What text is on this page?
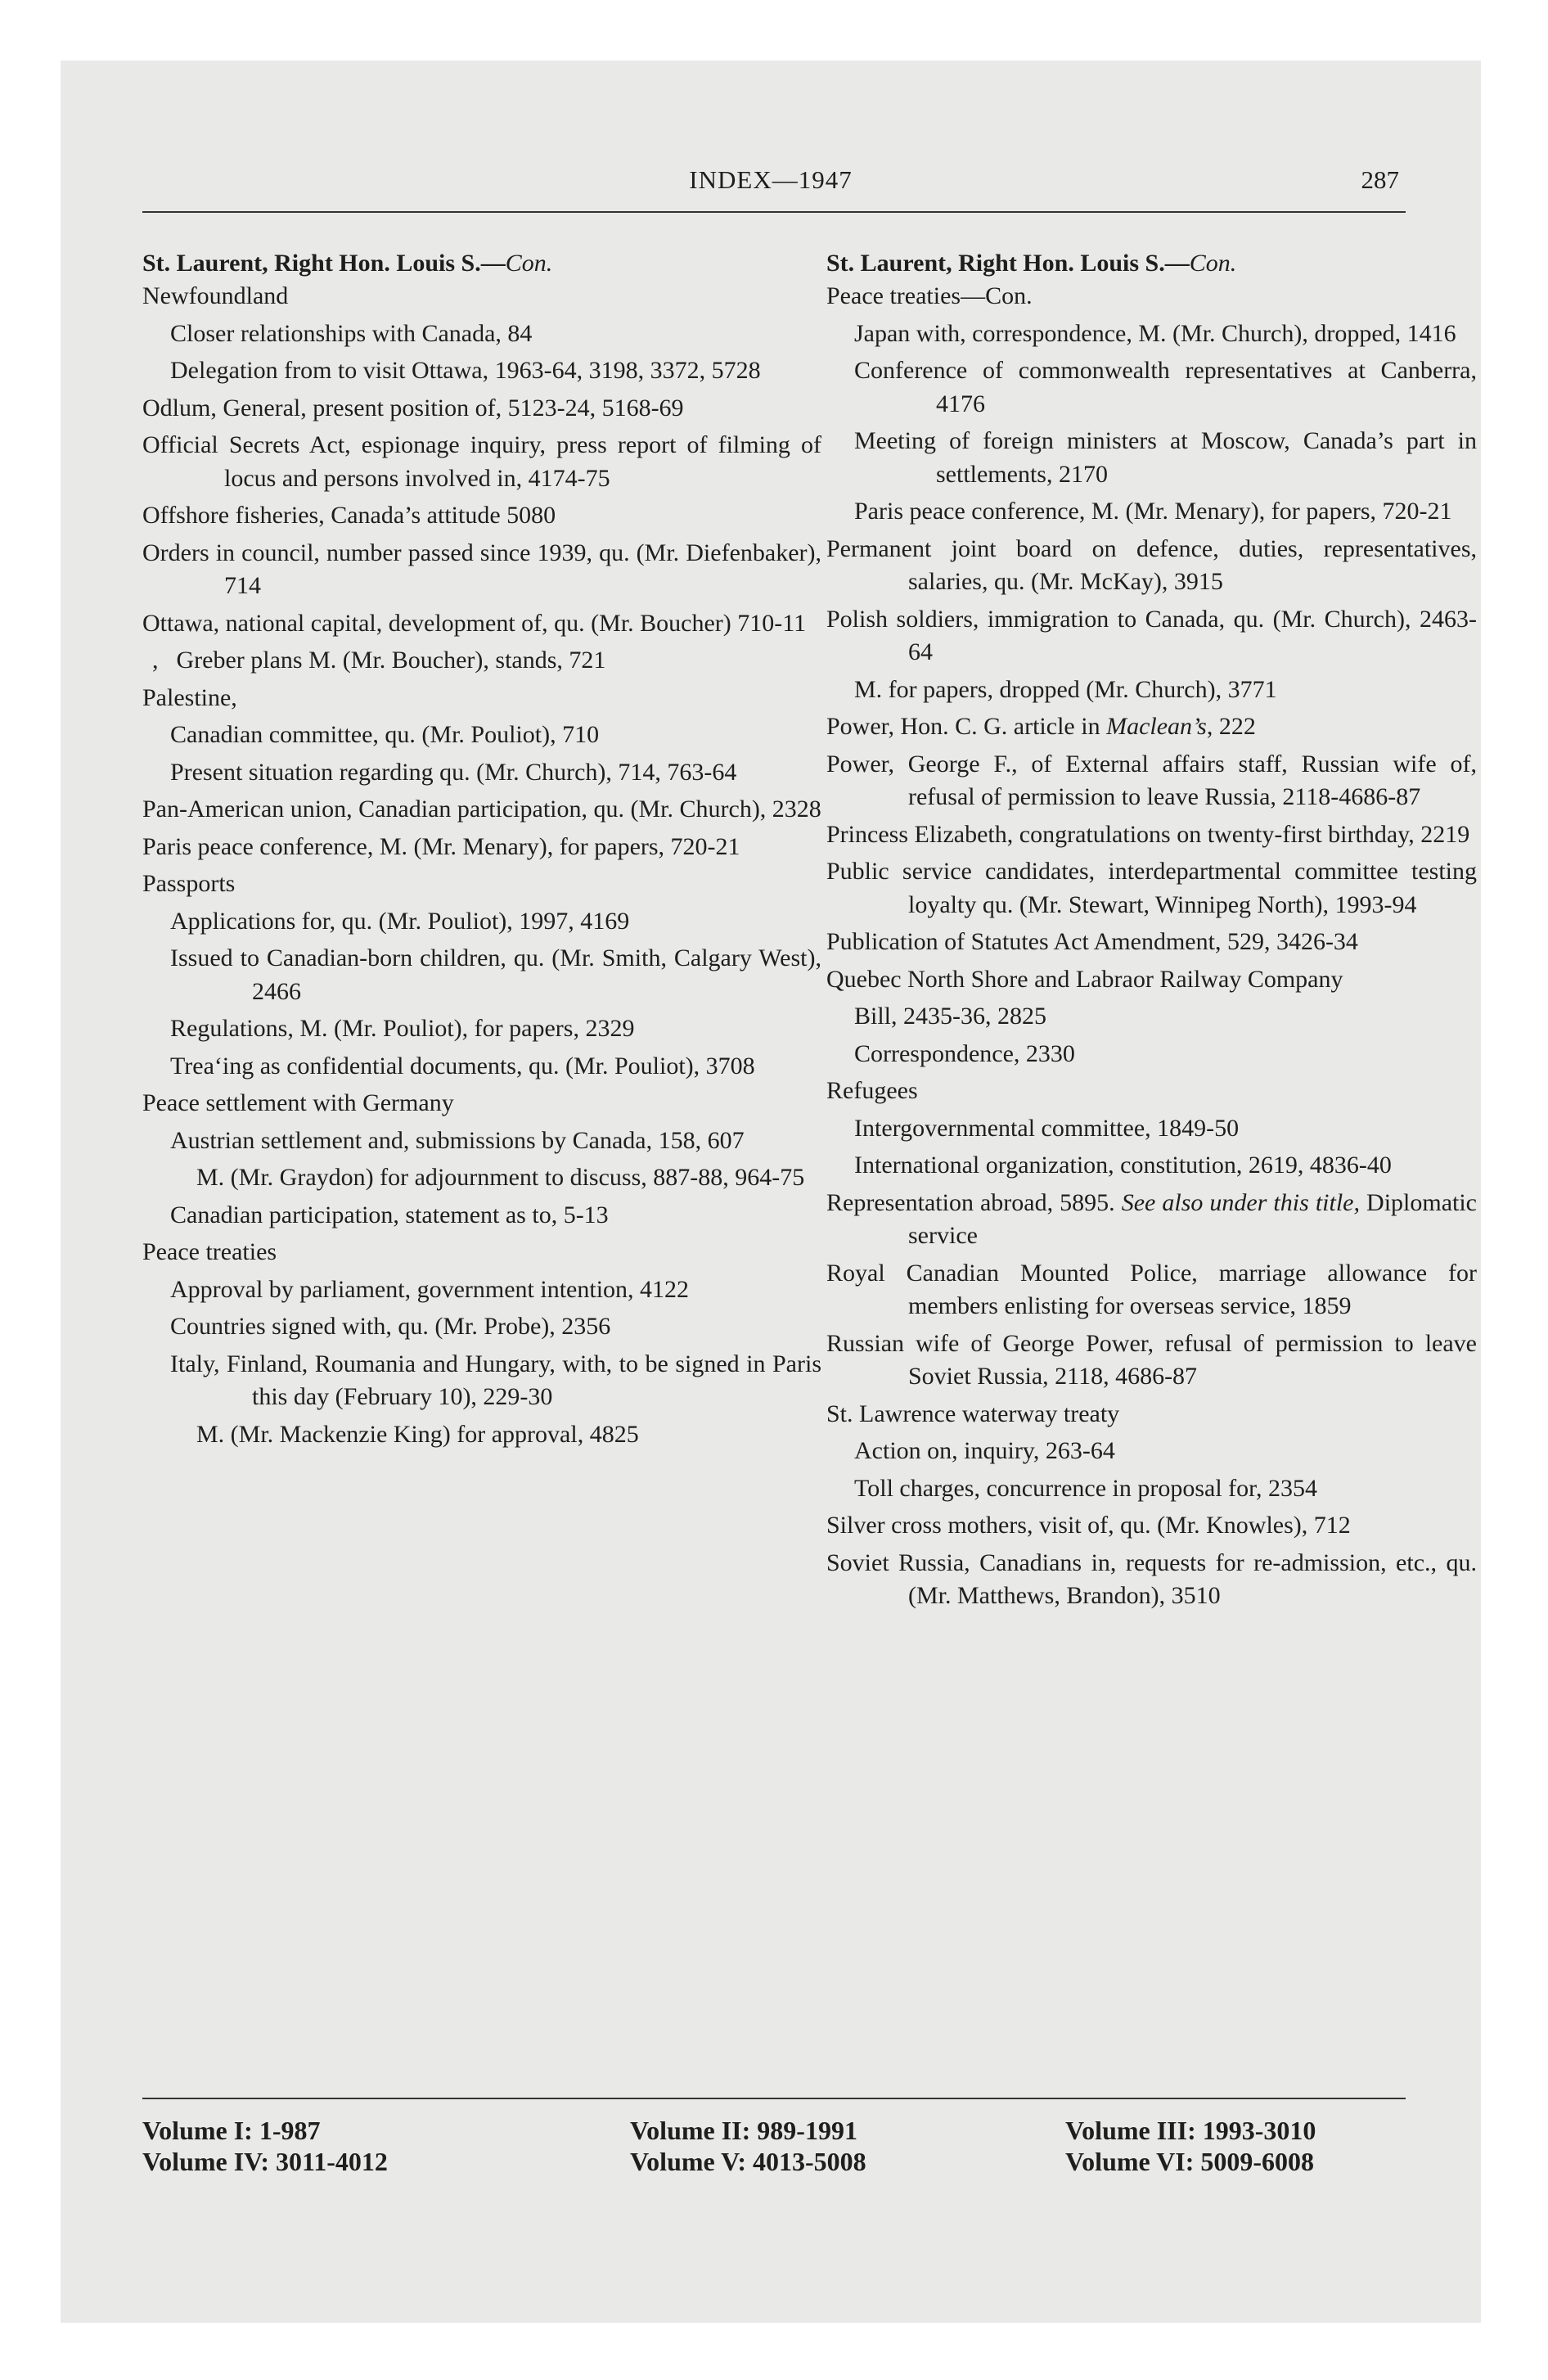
INDEX—1947	287
St. Laurent, Right Hon. Louis S.—Con.
Newfoundland
Closer relationships with Canada, 84
Delegation from to visit Ottawa, 1963-64, 3198, 3372, 5728
Odlum, General, present position of, 5123-24, 5168-69
Official Secrets Act, espionage inquiry, press report of filming of locus and persons involved in, 4174-75
Offshore fisheries, Canada’s attitude 5080
Orders in council, number passed since 1939, qu. (Mr. Diefenbaker), 714
Ottawa, national capital, development of, qu. (Mr. Boucher) 710-11
, Greber plans M. (Mr. Boucher), stands, 721
Palestine,
Canadian committee, qu. (Mr. Pouliot), 710
Present situation regarding qu. (Mr. Church), 714, 763-64
Pan-American union, Canadian participation, qu. (Mr. Church), 2328
Paris peace conference, M. (Mr. Menary), for papers, 720-21
Passports
Applications for, qu. (Mr. Pouliot), 1997, 4169
Issued to Canadian-born children, qu. (Mr. Smith, Calgary West), 2466
Regulations, M. (Mr. Pouliot), for papers, 2329
Trea‘ing as confidential documents, qu. (Mr. Pouliot), 3708
Peace settlement with Germany
Austrian settlement and, submissions by Canada, 158, 607
M. (Mr. Graydon) for adjournment to discuss, 887-88, 964-75
Canadian participation, statement as to, 5-13
Peace treaties
Approval by parliament, government intention, 4122
Countries signed with, qu. (Mr. Probe), 2356
Italy, Finland, Roumania and Hungary, with, to be signed in Paris this day (February 10), 229-30
M. (Mr. Mackenzie King) for approval, 4825
St. Laurent, Right Hon. Louis S.—Con.
Peace treaties—Con.
Japan with, correspondence, M. (Mr. Church), dropped, 1416
Conference of commonwealth representatives at Canberra, 4176
Meeting of foreign ministers at Moscow, Canada’s part in settlements, 2170
Paris peace conference, M. (Mr. Menary), for papers, 720-21
Permanent joint board on defence, duties, representatives, salaries, qu. (Mr. McKay), 3915
Polish soldiers, immigration to Canada, qu. (Mr. Church), 2463-64
M. for papers, dropped (Mr. Church), 3771
Power, Hon. C. G. article in Maclean’s, 222
Power, George F., of External affairs staff, Russian wife of, refusal of permission to leave Russia, 2118-4686-87
Princess Elizabeth, congratulations on twenty-first birthday, 2219
Public service candidates, interdepartmental committee testing loyalty qu. (Mr. Stewart, Winnipeg North), 1993-94
Publication of Statutes Act Amendment, 529, 3426-34
Quebec North Shore and Labraor Railway Company
Bill, 2435-36, 2825
Correspondence, 2330
Refugees
Intergovernmental committee, 1849-50
International organization, constitution, 2619, 4836-40
Representation abroad, 5895. See also under this title, Diplomatic service
Royal Canadian Mounted Police, marriage allowance for members enlisting for overseas service, 1859
Russian wife of George Power, refusal of permission to leave Soviet Russia, 2118, 4686-87
St. Lawrence waterway treaty
Action on, inquiry, 263-64
Toll charges, concurrence in proposal for, 2354
Silver cross mothers, visit of, qu. (Mr. Knowles), 712
Soviet Russia, Canadians in, requests for re-admission, etc., qu. (Mr. Matthews, Brandon), 3510
Volume I: 1-987
Volume IV: 3011-4012
Volume II: 989-1991
Volume V: 4013-5008
Volume III: 1993-3010
Volume VI: 5009-6008
